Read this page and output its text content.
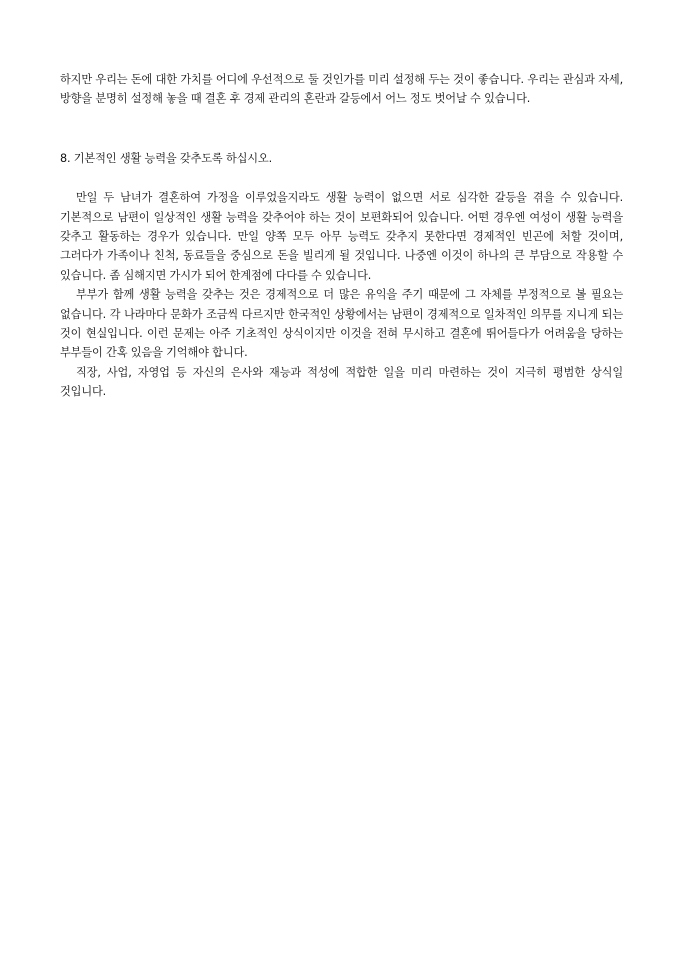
하지만 우리는 돈에 대한 가치를 어디에 우선적으로 둘 것인가를 미리 설정해 두는 것이 좋습니다. 우리는 관심과 자세, 방향을 분명히 설정해 놓을 때 결혼 후 경제 관리의 혼란과 갈등에서 어느 정도 벗어날 수 있습니다.

8. 기본적인 생활 능력을 갖추도록 하십시오.

만일 두 남녀가 결혼하여 가정을 이루었을지라도 생활 능력이 없으면 서로 심각한 갈등을 겪을 수 있습니다. 기본적으로 남편이 일상적인 생활 능력을 갖추어야 하는 것이 보편화되어 있습니다. 어떤 경우엔 여성이 생활 능력을 갖추고 활동하는 경우가 있습니다. 만일 양쪽 모두 아무 능력도 갖추지 못한다면 경제적인 빈곤에 처할 것이며, 그러다가 가족이나 친척, 동료들을 중심으로 돈을 빌리게 될 것입니다. 나중엔 이것이 하나의 큰 부담으로 작용할 수 있습니다. 좀 심해지면 가시가 되어 한계점에 다다를 수 있습니다.

부부가 함께 생활 능력을 갖추는 것은 경제적으로 더 많은 유익을 주기 때문에 그 자체를 부정적으로 볼 필요는 없습니다. 각 나라마다 문화가 조금씩 다르지만 한국적인 상황에서는 남편이 경제적으로 일차적인 의무를 지니게 되는 것이 현실입니다. 이런 문제는 아주 기초적인 상식이지만 이것을 전혀 무시하고 결혼에 뛰어들다가 어려움을 당하는 부부들이 간혹 있음을 기억해야 합니다.

직장, 사업, 자영업 등 자신의 은사와 재능과 적성에 적합한 일을 미리 마련하는 것이 지극히 평범한 상식일 것입니다.
